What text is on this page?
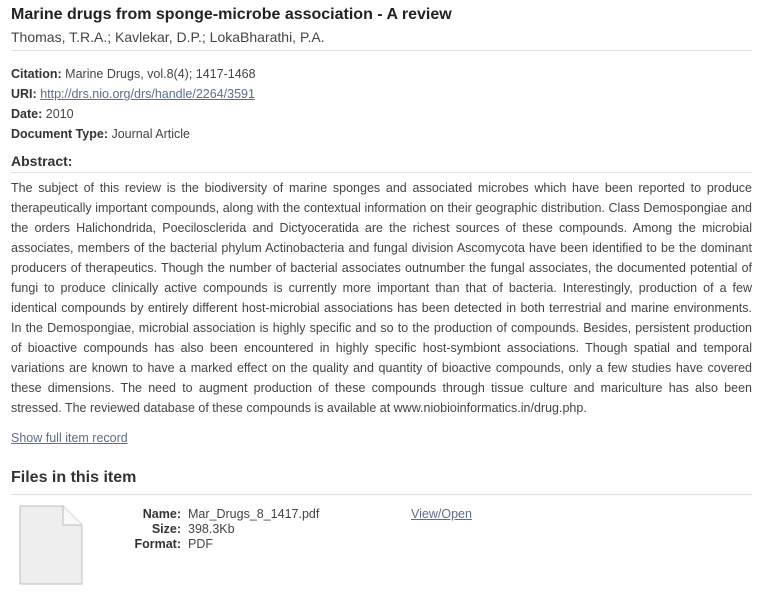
Marine drugs from sponge-microbe association - A review
Thomas, T.R.A.; Kavlekar, D.P.; LokaBharathi, P.A.
Citation: Marine Drugs, vol.8(4); 1417-1468
URI: http://drs.nio.org/drs/handle/2264/3591
Date: 2010
Document Type: Journal Article
Abstract:
The subject of this review is the biodiversity of marine sponges and associated microbes which have been reported to produce therapeutically important compounds, along with the contextual information on their geographic distribution. Class Demospongiae and the orders Halichondrida, Poecilosclerida and Dictyoceratida are the richest sources of these compounds. Among the microbial associates, members of the bacterial phylum Actinobacteria and fungal division Ascomycota have been identified to be the dominant producers of therapeutics. Though the number of bacterial associates outnumber the fungal associates, the documented potential of fungi to produce clinically active compounds is currently more important than that of bacteria. Interestingly, production of a few identical compounds by entirely different host-microbial associations has been detected in both terrestrial and marine environments. In the Demospongiae, microbial association is highly specific and so to the production of compounds. Besides, persistent production of bioactive compounds has also been encountered in highly specific host-symbiont associations. Though spatial and temporal variations are known to have a marked effect on the quality and quantity of bioactive compounds, only a few studies have covered these dimensions. The need to augment production of these compounds through tissue culture and mariculture has also been stressed. The reviewed database of these compounds is available at www.niobioinformatics.in/drug.php.
Show full item record
Files in this item
Name: Mar_Drugs_8_1417.pdf
Size: 398.3Kb
Format: PDF
View/Open
